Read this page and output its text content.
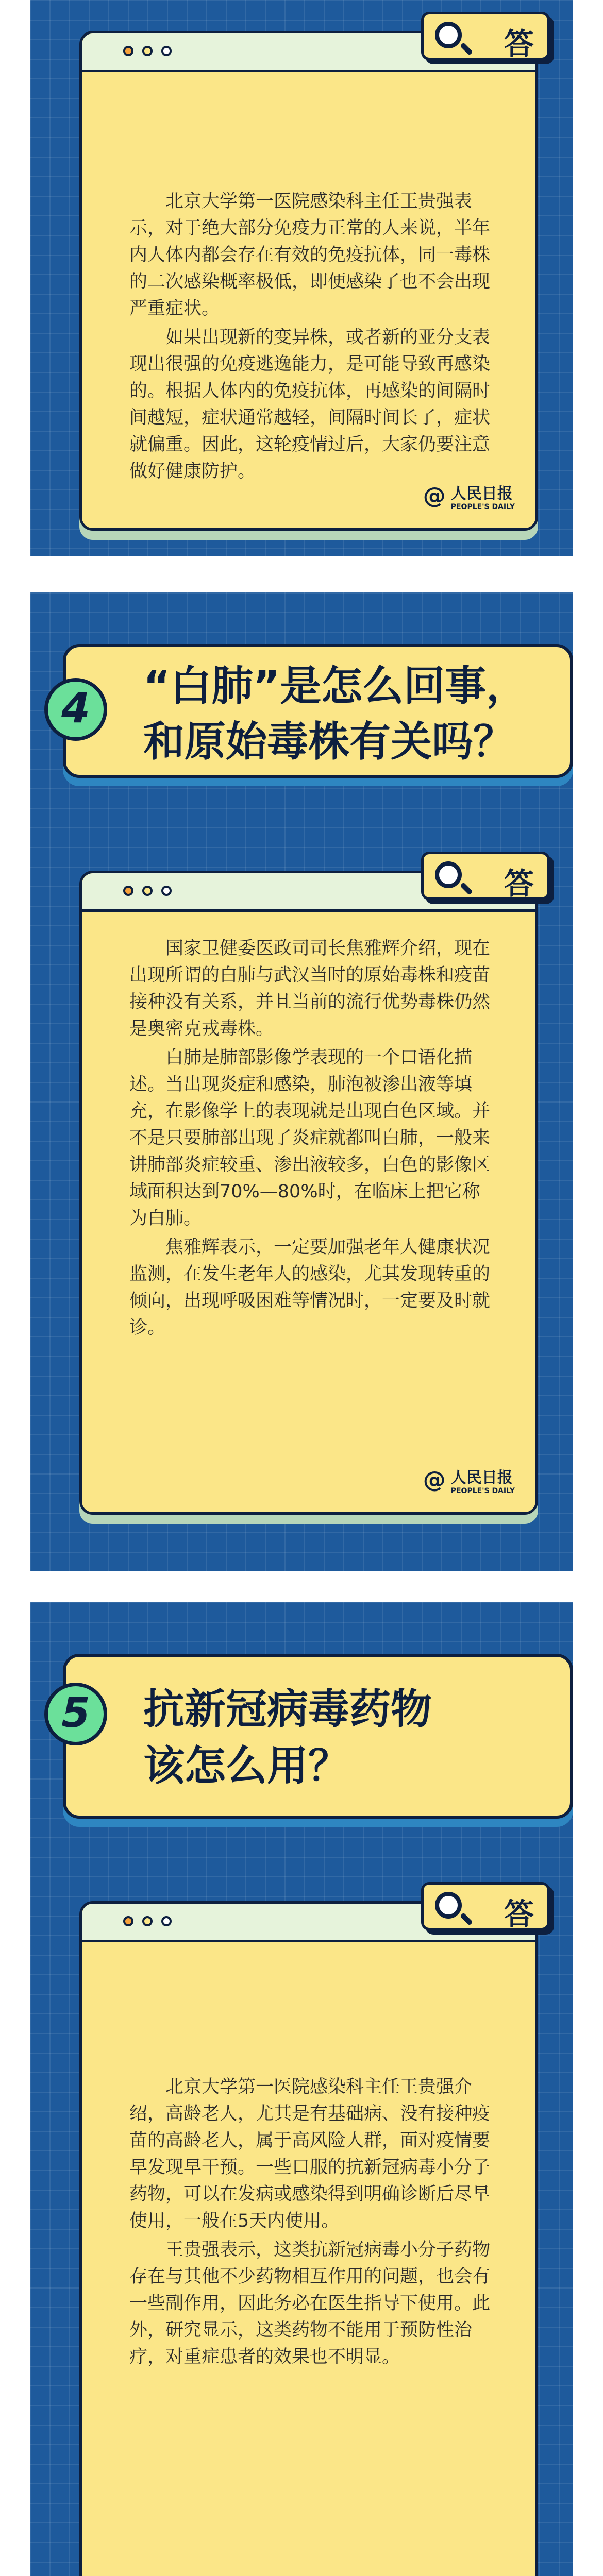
答

北京大学第一医院感染科主任王贵强表示，对于绝大部分免疫力正常的人来说，半年内人体内都会存在有效的免疫抗体，同一毒株的二次感染概率极低，即便感染了也不会出现严重症状。

如果出现新的变异株，或者新的亚分支表现出很强的免疫逃逸能力，是可能导致再感染的。根据人体内的免疫抗体，再感染的间隔时间越短，症状通常越轻，间隔时间长了，症状就偏重。因此，这轮疫情过后，大家仍要注意做好健康防护。

@ 人民日报
PEOPLE'S DAILY
4	“白肺”是怎么回事，
和原始毒株有关吗？
答

国家卫健委医政司司长焦雅辉介绍，现在出现所谓的白肺与武汉当时的原始毒株和疫苗接种没有关系，并且当前的流行优势毒株仍然是奥密克戎毒株。

白肺是肺部影像学表现的一个口语化描述。当出现炎症和感染，肺泡被渗出液等填充，在影像学上的表现就是出现白色区域。并不是只要肺部出现了炎症就都叫白肺，一般来讲肺部炎症较重、渗出液较多，白色的影像区域面积达到70%—80%时，在临床上把它称为白肺。

焦雅辉表示，一定要加强老年人健康状况监测，在发生老年人的感染，尤其发现转重的倾向，出现呼吸困难等情况时，一定要及时就诊。

@ 人民日报
PEOPLE'S DAILY
5	抗新冠病毒药物
该怎么用？
答

北京大学第一医院感染科主任王贵强介绍，高龄老人，尤其是有基础病、没有接种疫苗的高龄老人，属于高风险人群，面对疫情要早发现早干预。一些口服的抗新冠病毒小分子药物，可以在发病或感染得到明确诊断后尽早使用，一般在5天内使用。

王贵强表示，这类抗新冠病毒小分子药物存在与其他不少药物相互作用的问题，也会有一些副作用，因此务必在医生指导下使用。此外，研究显示，这类药物不能用于预防性治疗，对重症患者的效果也不明显。
